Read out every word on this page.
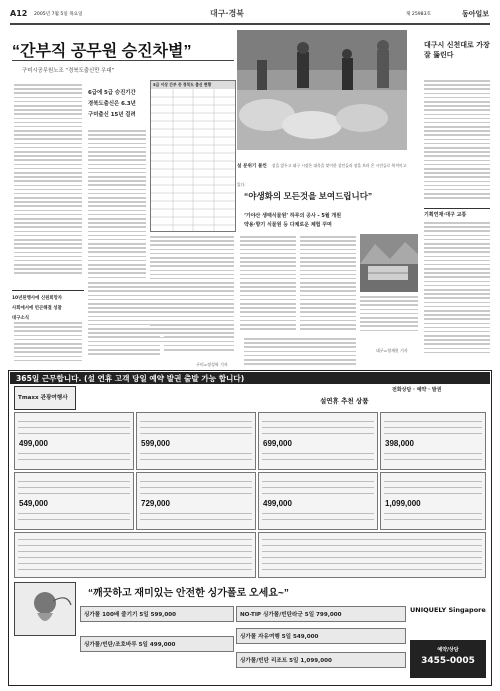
A12 2005년 7월 5일 목요일	대구·경북	제 25983호	동아일보
“간부직 공무원 승진차별”
구미시공무원노조 “경북도출신만 우대”
6급에 5급 승진기간
경북도출신은 6.3년
구미출신 15년 걸려
5급 이상 간부 중 경북도 출신 현황
10년된행사에 신원희망자
사회에서에 빈곤해결 성찰
대구소식
설 분위기 물씬 설을 앞두고 대구 시장은 대목을 맞이한 상인들과 장을 보러 온 시민들로 북적이고 있다.
대구시 신천대로 가장 잘 뚫린다
기획연재·대구 교통
“야생화의 모든것을 보여드립니다”
‘가야산 생태식물원’ 하루의 공사 - 5월 개원
약용·향기 식물원 등 다채로운 체험 꾸며
대구=정재헌 기자
구미=정성학 기자
365일 근무합니다. (설 연휴 고객 당일 예약 발권 출발 가능 합니다)
전화상담 · 예약 · 발권
Tmaxx 관광여행사	설연휴 추천 상품
499,000	599,000	699,000	398,000
549,000	729,000	499,000	1,099,000
“깨끗하고 재미있는 안전한 싱가폴로 오세요~”
싱가폴 100배 즐기기 5일 599,000	NO-TIP 싱가폴/빈탄라군 5일 799,000
싱가폴/빈탄/조호바루 5일 499,000
싱가폴 자유여행 5일 549,000
싱가폴/빈탄 리조트 5일 1,099,000
UNIQUELY Singapore
예약/상담
3455-0005
